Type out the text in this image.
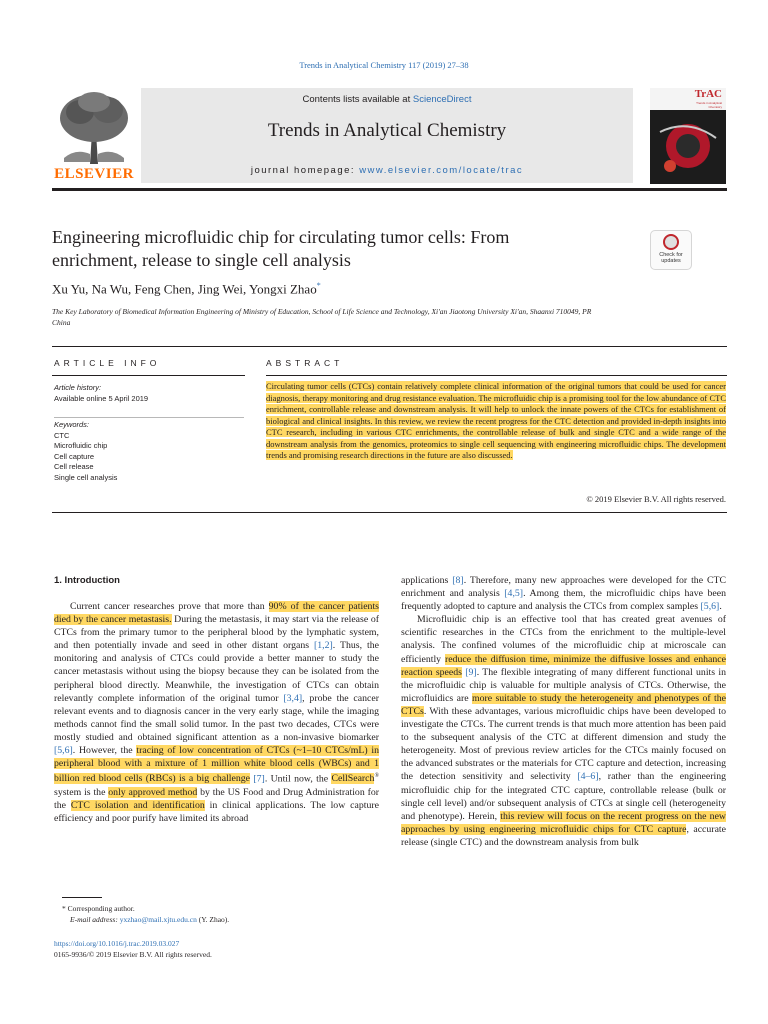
Trends in Analytical Chemistry 117 (2019) 27–38
ELSEVIER
Contents lists available at ScienceDirect
Trends in Analytical Chemistry
journal homepage: www.elsevier.com/locate/trac
TrAC
Trends in Analytical Chemistry
Engineering microfluidic chip for circulating tumor cells: From enrichment, release to single cell analysis	Check for updates
Xu Yu, Na Wu, Feng Chen, Jing Wei, Yongxi Zhao*
The Key Laboratory of Biomedical Information Engineering of Ministry of Education, School of Life Science and Technology, Xi'an Jiaotong University Xi'an, Shaanxi 710049, PR China
ARTICLE INFO	ABSTRACT
Article history:
Available online 5 April 2019
Keywords:
CTC
Microfluidic chip
Cell capture
Cell release
Single cell analysis
Circulating tumor cells (CTCs) contain relatively complete clinical information of the original tumors that could be used for cancer diagnosis, therapy monitoring and drug resistance evaluation. The microfluidic chip is a promising tool for the low abundance of CTC enrichment, controllable release and downstream analysis. It will help to unlock the innate powers of the CTCs for establishment of biological and clinical insights. In this review, we review the recent progress for the CTC detection and provided in-depth insights into CTC research, including in various CTC enrichments, the controllable release of bulk and single CTC and a wide range of the downstream analysis from the genomics, proteomics to single cell sequencing with engineering microfluidic chips. The development trends and promising research directions in the future are also discussed.
© 2019 Elsevier B.V. All rights reserved.
1. Introduction

Current cancer researches prove that more than 90% of the cancer patients died by the cancer metastasis. During the metastasis, it may start via the release of CTCs from the primary tumor to the peripheral blood by the lymphatic system, and then potentially invade and seed in other distant organs [1,2]. Thus, the monitoring and analysis of CTCs could provide a better manner to study the cancer metastasis without using the biopsy because they can be isolated from the peripheral blood directly. Meanwhile, the investigation of CTCs can obtain relevantly complete information of the original tumor [3,4], probe the cancer relevant events and to diagnosis cancer in the very early stage, while the imaging methods cannot find the small solid tumor. In the past two decades, CTCs were mostly studied and obtained significant attention as a non-invasive biomarker [5,6]. However, the tracing of low concentration of CTCs (~1–10 CTCs/mL) in peripheral blood with a mixture of 1 million white blood cells (WBCs) and 1 billion red blood cells (RBCs) is a big challenge [7]. Until now, the CellSearch® system is the only approved method by the US Food and Drug Administration for the CTC isolation and identification in clinical applications. The low capture efficiency and poor purify have limited its abroad

applications [8]. Therefore, many new approaches were developed for the CTC enrichment and analysis [4,5]. Among them, the microfluidic chips have been frequently adopted to capture and analysis the CTCs from complex samples [5,6].

Microfluidic chip is an effective tool that has created great avenues of scientific researches in the CTCs from the enrichment to the multiple-level analysis. The confined volumes of the microfluidic chip at microscale can efficiently reduce the diffusion time, minimize the diffusive losses and enhance reaction speeds [9]. The flexible integrating of many different functional units in the microfluidic chip is valuable for multiple analysis of CTCs. Otherwise, the microfluidics are more suitable to study the heterogeneity and phenotypes of the CTCs. With these advantages, various microfluidic chips have been developed to investigate the CTCs. The current trends is that much more attention has been paid to the subsequent analysis of the CTC at different dimension and study the heterogeneity. Most of previous review articles for the CTCs mainly focused on the advanced substrates or the materials for CTC capture and detection, increasing the detection sensitivity and selectivity [4–6], rather than the engineering microfluidic chip for the integrated CTC capture, controllable release (bulk or single cell level) and/or subsequent analysis of CTCs at single cell (heterogeneity and phenotype). Herein, this review will focus on the recent progress on the new approaches by using engineering microfluidic chips for CTC capture, accurate release (single CTC) and the downstream analysis from bulk

* Corresponding author.
E-mail address: yxzhao@mail.xjtu.edu.cn (Y. Zhao).
https://doi.org/10.1016/j.trac.2019.03.027
0165-9936/© 2019 Elsevier B.V. All rights reserved.
